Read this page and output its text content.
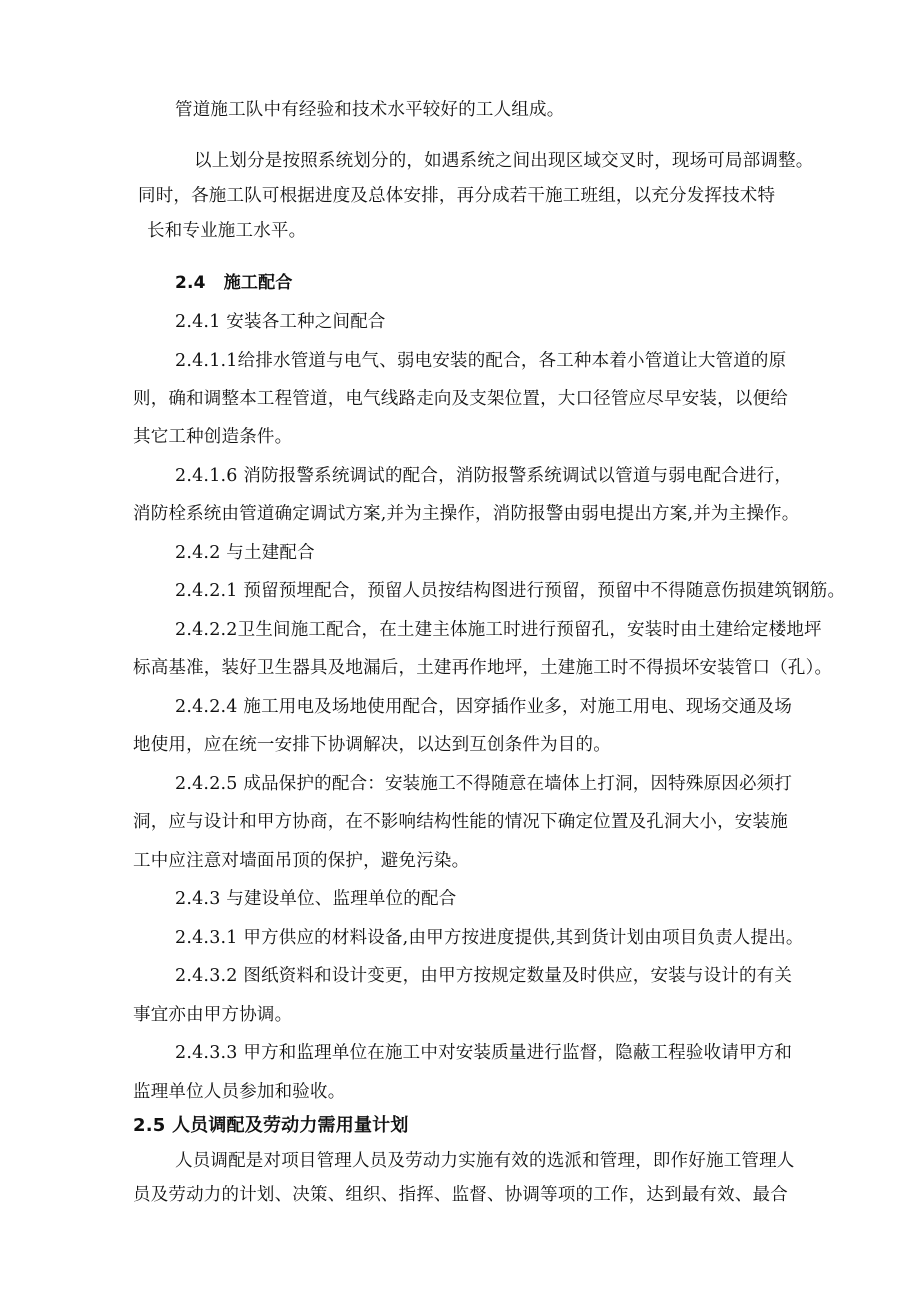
管道施工队中有经验和技术水平较好的工人组成。

以上划分是按照系统划分的，如遇系统之间出现区域交叉时，现场可局部调整。

同时，各施工队可根据进度及总体安排，再分成若干施工班组，以充分发挥技术特

长和专业施工水平。

2.4 施工配合

2.4.1 安装各工种之间配合

2.4.1.1给排水管道与电气、弱电安装的配合，各工种本着小管道让大管道的原

则，确和调整本工程管道，电气线路走向及支架位置，大口径管应尽早安装，以便给

其它工种创造条件。

2.4.1.6 消防报警系统调试的配合，消防报警系统调试以管道与弱电配合进行，

消防栓系统由管道确定调试方案,并为主操作，消防报警由弱电提出方案,并为主操作。

2.4.2 与土建配合

2.4.2.1 预留预埋配合，预留人员按结构图进行预留，预留中不得随意伤损建筑钢筋。

2.4.2.2卫生间施工配合，在土建主体施工时进行预留孔，安装时由土建给定楼地坪

标高基准，装好卫生器具及地漏后，土建再作地坪，土建施工时不得损坏安装管口（孔）。

2.4.2.4 施工用电及场地使用配合，因穿插作业多，对施工用电、现场交通及场

地使用，应在统一安排下协调解决，以达到互创条件为目的。

2.4.2.5 成品保护的配合：安装施工不得随意在墙体上打洞，因特殊原因必须打

洞，应与设计和甲方协商，在不影响结构性能的情况下确定位置及孔洞大小，安装施

工中应注意对墙面吊顶的保护，避免污染。

2.4.3 与建设单位、监理单位的配合

2.4.3.1 甲方供应的材料设备,由甲方按进度提供,其到货计划由项目负责人提出。

2.4.3.2 图纸资料和设计变更，由甲方按规定数量及时供应，安装与设计的有关

事宜亦由甲方协调。

2.4.3.3 甲方和监理单位在施工中对安装质量进行监督，隐蔽工程验收请甲方和

监理单位人员参加和验收。

2.5 人员调配及劳动力需用量计划

人员调配是对项目管理人员及劳动力实施有效的选派和管理，即作好施工管理人

员及劳动力的计划、决策、组织、指挥、监督、协调等项的工作，达到最有效、最合
